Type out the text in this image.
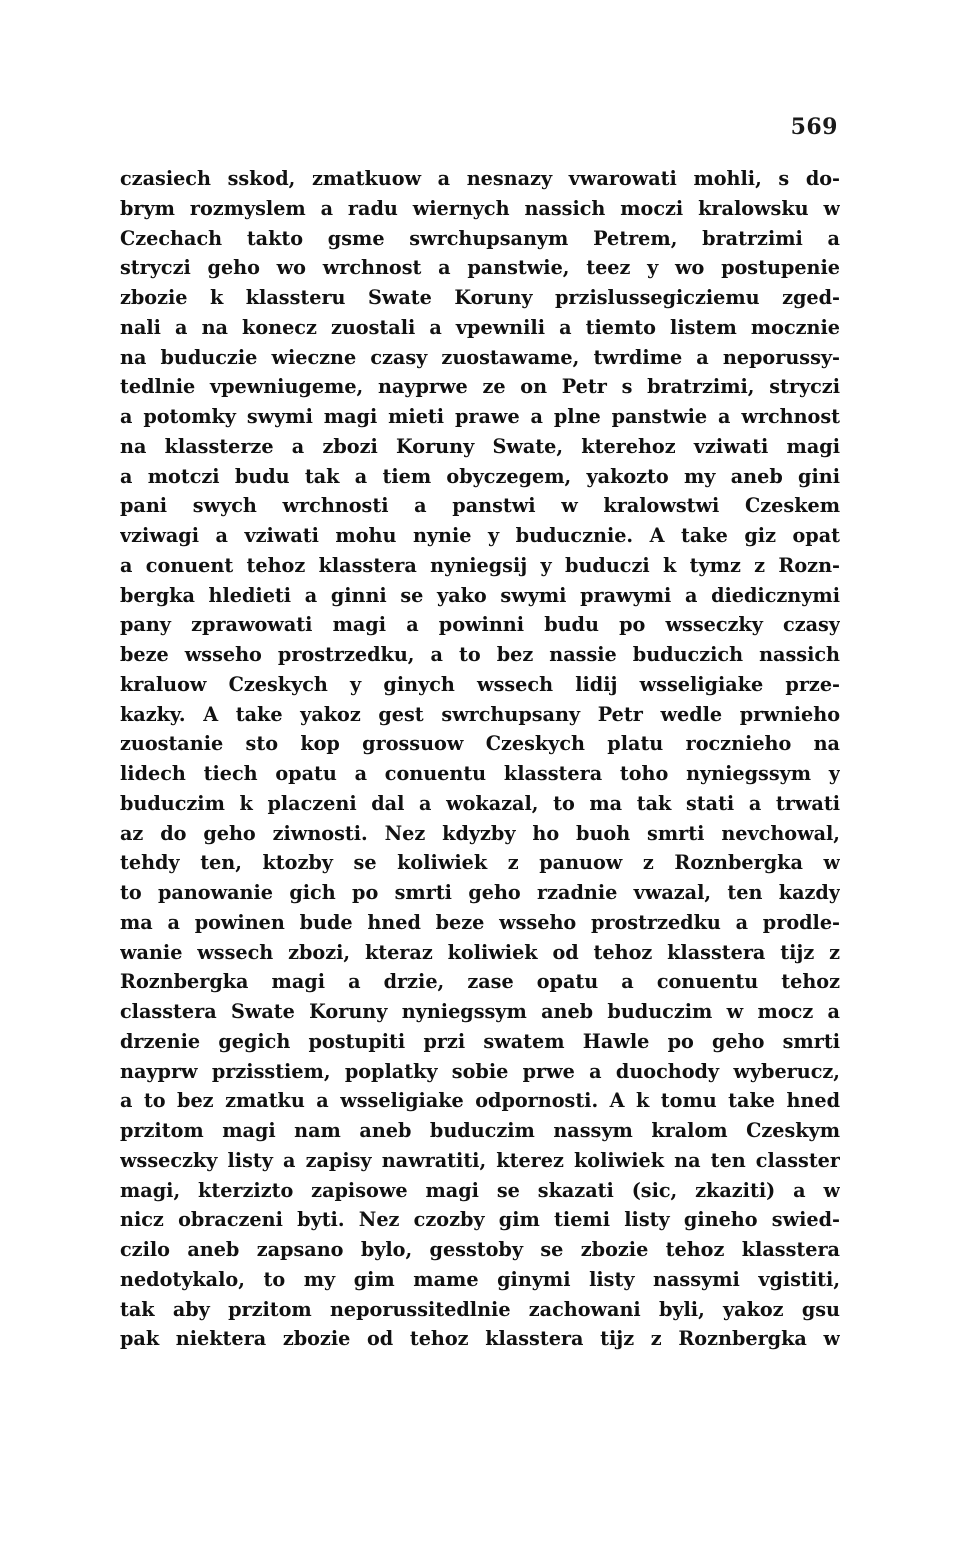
569
czasiech sskod, zmatkuow a nesnazy vwarowati mohli, s do-
brym rozmyslem a radu wiernych nassich moczi kralowsku w
Czechach takto gsme swrchupsanym Petrem, bratrzimi a
stryczi geho wo wrchnost a panstwie, teez y wo postupenie
zbozie k klassteru Swate Koruny przislussegicziemu zged-
nali a na konecz zuostali a vpewnili a tiemto listem mocznie
na buduczie wieczne czasy zuostawame, twrdime a neporussy-
tedlnie vpewniugeme, nayprwe ze on Petr s bratrzimi, stryczi
a potomky swymi magi mieti prawe a plne panstwie a wrchnost
na klassterze a zbozi Koruny Swate, kterehoz vziwati magi
a motczi budu tak a tiem obyczegem, yakozto my aneb gini
pani swych wrchnosti a panstwi w kralowstwi Czeskem
vziwagi a vziwati mohu nynie y buducznie. A take giz opat
a conuent tehoz klasstera nyniegsij y buduczi k tymz z Rozn-
bergka hledieti a ginni se yako swymi prawymi a diedicznymi
pany zprawowati magi a powinni budu po wsseczky czasy
beze wsseho prostrzedku, a to bez nassie buduczich nassich
kraluow Czeskych y ginych wssech lidij wsseligiake prze-
kazky. A take yakoz gest swrchupsany Petr wedle prwnieho
zuostanie sto kop grossuow Czeskych platu rocznieho na
lidech tiech opatu a conuentu klasstera toho nyniegssym y
buduczim k placzeni dal a wokazal, to ma tak stati a trwati
az do geho ziwnosti. Nez kdyzby ho buoh smrti nevchowal,
tehdy ten, ktozby se koliwiek z panuow z Roznbergka w
to panowanie gich po smrti geho rzadnie vwazal, ten kazdy
ma a powinen bude hned beze wsseho prostrzedku a prodle-
wanie wssech zbozi, kteraz koliwiek od tehoz klasstera tijz z
Roznbergka magi a drzie, zase opatu a conuentu tehoz
classtera Swate Koruny nyniegssym aneb buduczim w mocz a
drzenie gegich postupiti przi swatem Hawle po geho smrti
nayprw przisstiem, poplatky sobie prwe a duochody wyberucz,
a to bez zmatku a wsseligiake odpornosti. A k tomu take hned
przitom magi nam aneb buduczim nassym kralom Czeskym
wsseczky listy a zapisy nawratiti, kterez koliwiek na ten classter
magi, kterzizto zapisowe magi se skazati (sic, zkaziti) a w
nicz obraczeni byti. Nez czozby gim tiemi listy gineho swied-
czilo aneb zapsano bylo, gesstoby se zbozie tehoz klasstera
nedotykalo, to my gim mame ginymi listy nassymi vgistiti,
tak aby przitom neporussitedlnie zachowani byli, yakoz gsu
pak niektera zbozie od tehoz klasstera tijz z Roznbergka w
